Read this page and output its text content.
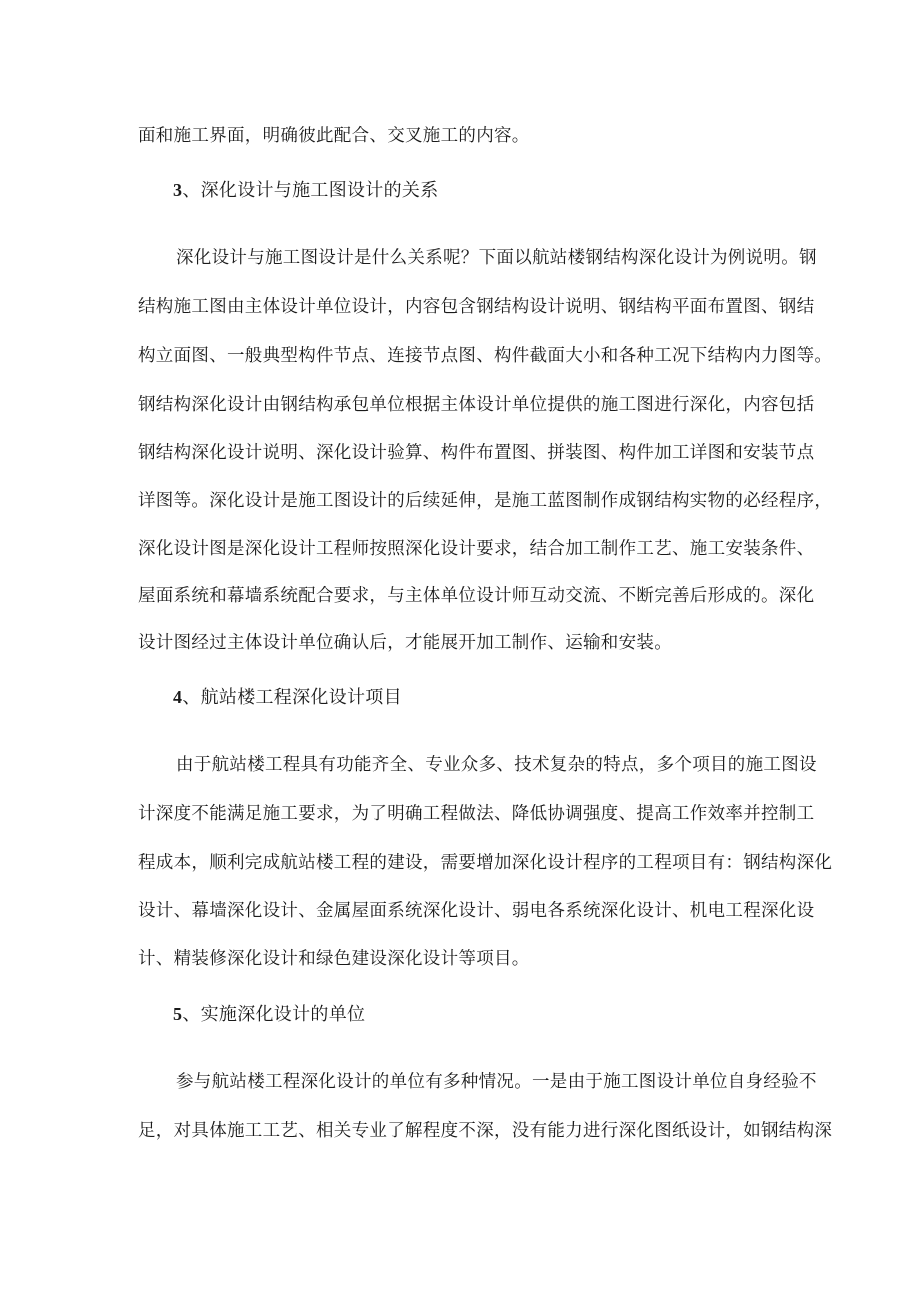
面和施工界面，明确彼此配合、交叉施工的内容。
3、深化设计与施工图设计的关系
深化设计与施工图设计是什么关系呢？下面以航站楼钢结构深化设计为例说明。钢
结构施工图由主体设计单位设计，内容包含钢结构设计说明、钢结构平面布置图、钢结
构立面图、一般典型构件节点、连接节点图、构件截面大小和各种工况下结构内力图等。
钢结构深化设计由钢结构承包单位根据主体设计单位提供的施工图进行深化，内容包括
钢结构深化设计说明、深化设计验算、构件布置图、拼装图、构件加工详图和安装节点
详图等。深化设计是施工图设计的后续延伸，是施工蓝图制作成钢结构实物的必经程序，
深化设计图是深化设计工程师按照深化设计要求，结合加工制作工艺、施工安装条件、
屋面系统和幕墙系统配合要求，与主体单位设计师互动交流、不断完善后形成的。深化
设计图经过主体设计单位确认后，才能展开加工制作、运输和安装。
4、航站楼工程深化设计项目
由于航站楼工程具有功能齐全、专业众多、技术复杂的特点，多个项目的施工图设
计深度不能满足施工要求，为了明确工程做法、降低协调强度、提高工作效率并控制工
程成本，顺利完成航站楼工程的建设，需要增加深化设计程序的工程项目有：钢结构深化
设计、幕墙深化设计、金属屋面系统深化设计、弱电各系统深化设计、机电工程深化设
计、精装修深化设计和绿色建设深化设计等项目。
5、实施深化设计的单位
参与航站楼工程深化设计的单位有多种情况。一是由于施工图设计单位自身经验不
足，对具体施工工艺、相关专业了解程度不深，没有能力进行深化图纸设计，如钢结构深
